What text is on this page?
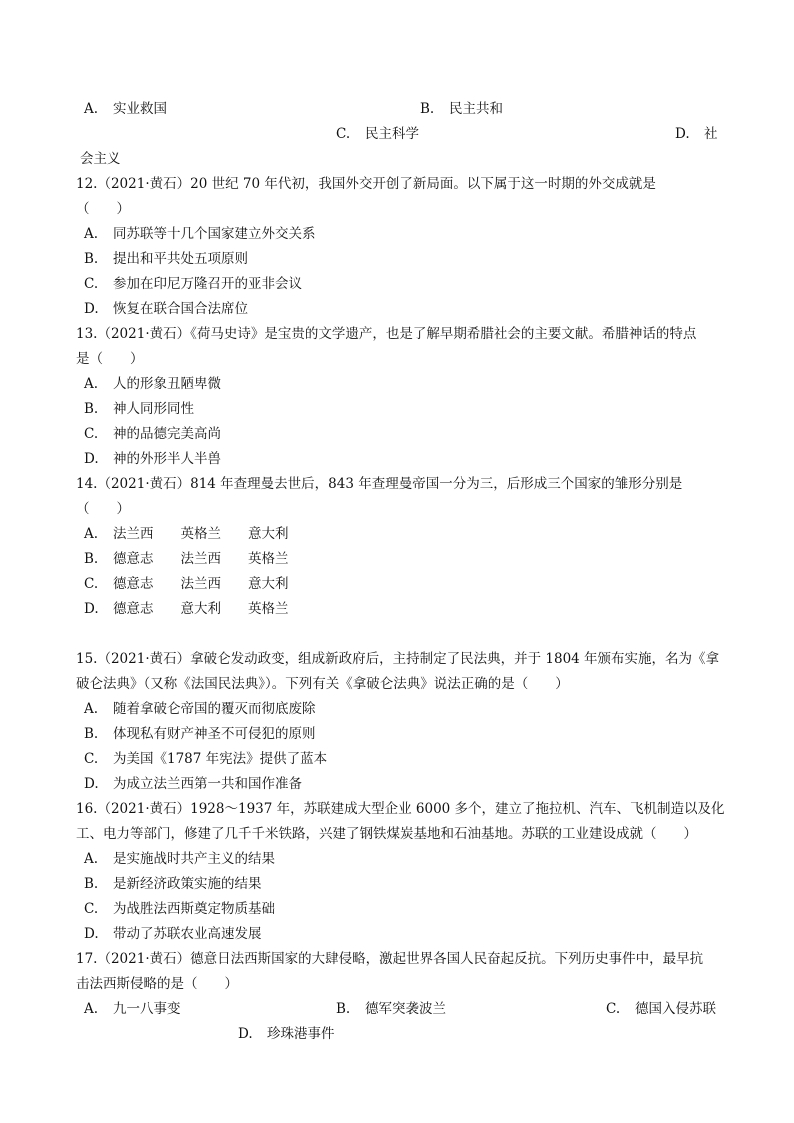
A. 实业救国	B. 民主共和
C. 民主科学	D. 社
会主义
12.（2021·黄石）20 世纪 70 年代初，我国外交开创了新局面。以下属于这一时期的外交成就是
（　　）
A. 同苏联等十几个国家建立外交关系
B. 提出和平共处五项原则
C. 参加在印尼万隆召开的亚非会议
D. 恢复在联合国合法席位
13.（2021·黄石）《荷马史诗》是宝贵的文学遗产，也是了解早期希腊社会的主要文献。希腊神话的特点
是（　　）
A. 人的形象丑陋卑微
B. 神人同形同性
C. 神的品德完美高尚
D. 神的外形半人半兽
14.（2021·黄石）814 年查理曼去世后，843 年查理曼帝国一分为三，后形成三个国家的雏形分别是
（　　）
A. 法兰西　　英格兰　　意大利
B. 德意志　　法兰西　　英格兰
C. 德意志　　法兰西　　意大利
D. 德意志　　意大利　　英格兰
15.（2021·黄石）拿破仑发动政变，组成新政府后，主持制定了民法典，并于 1804 年颁布实施，名为《拿
破仑法典》（又称《法国民法典》）。下列有关《拿破仑法典》说法正确的是（　　）
A. 随着拿破仑帝国的覆灭而彻底废除
B. 体现私有财产神圣不可侵犯的原则
C. 为美国《1787 年宪法》提供了蓝本
D. 为成立法兰西第一共和国作准备
16.（2021·黄石）1928～1937 年，苏联建成大型企业 6000 多个，建立了拖拉机、汽车、飞机制造以及化
工、电力等部门，修建了几千千米铁路，兴建了钢铁煤炭基地和石油基地。苏联的工业建设成就（　　）
A. 是实施战时共产主义的结果
B. 是新经济政策实施的结果
C. 为战胜法西斯奠定物质基础
D. 带动了苏联农业高速发展
17.（2021·黄石）德意日法西斯国家的大肆侵略，激起世界各国人民奋起反抗。下列历史事件中，最早抗
击法西斯侵略的是（　　）
A. 九一八事变	B. 德军突袭波兰	C. 德国入侵苏联
D. 珍珠港事件
